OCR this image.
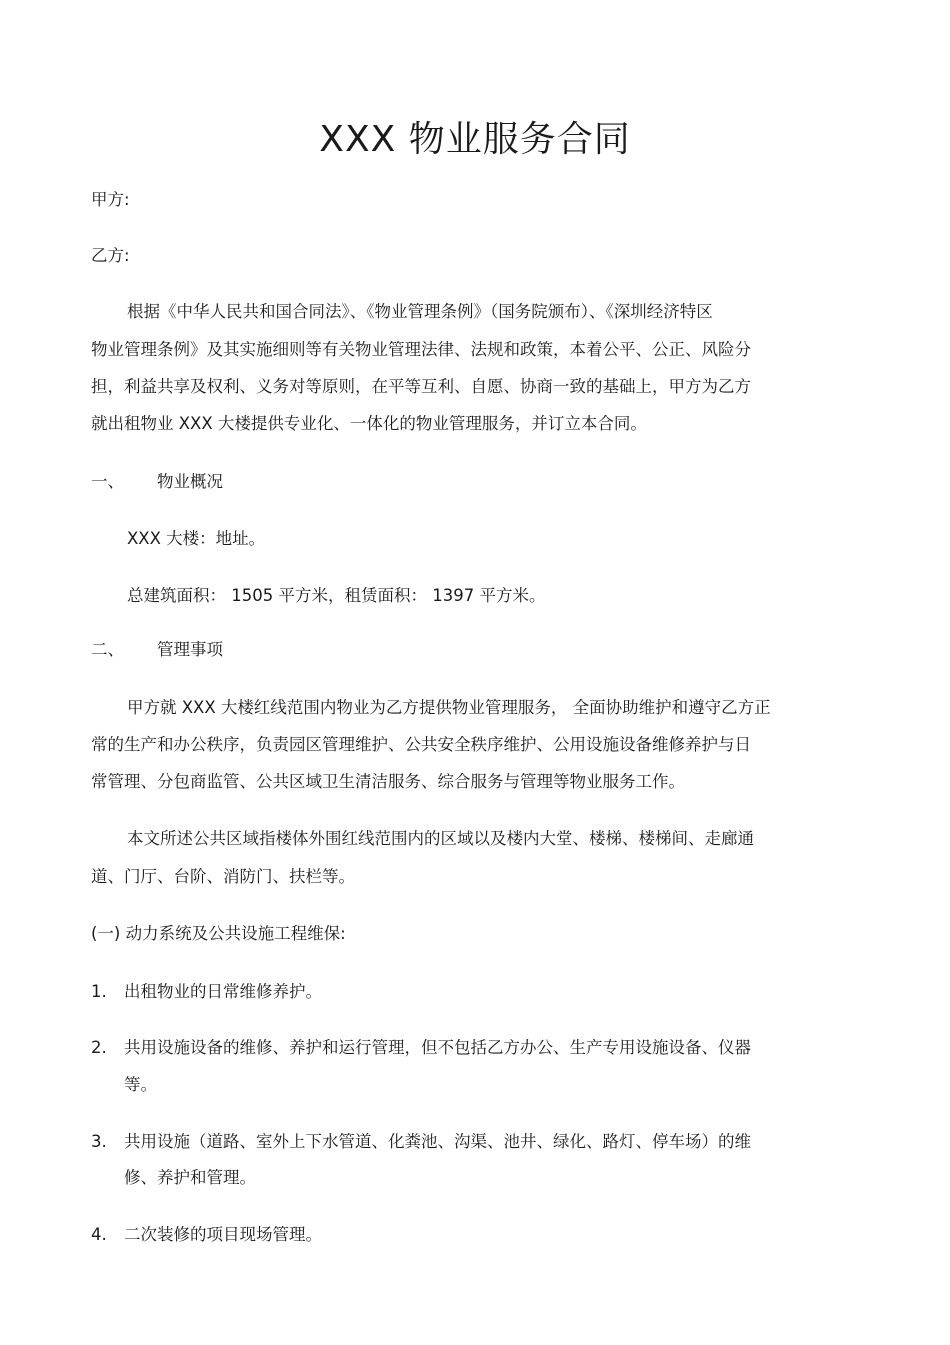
XXX 物业服务合同
甲方:
乙方:
根据《中华人民共和国合同法》、《物业管理条例》（国务院颁布）、《深圳经济特区
物业管理条例》及其实施细则等有关物业管理法律、法规和政策，本着公平、公正、风险分
担，利益共享及权利、义务对等原则，在平等互利、自愿、协商一致的基础上，甲方为乙方
就出租物业 XXX 大楼提供专业化、一体化的物业管理服务，并订立本合同。
一、 物业概况
XXX 大楼：地址。
总建筑面积： 1505 平方米，租赁面积： 1397 平方米。
二、 管理事项
甲方就 XXX 大楼红线范围内物业为乙方提供物业管理服务， 全面协助维护和遵守乙方正
常的生产和办公秩序，负责园区管理维护、公共安全秩序维护、公用设施设备维修养护与日
常管理、分包商监管、公共区域卫生清洁服务、综合服务与管理等物业服务工作。
本文所述公共区域指楼体外围红线范围内的区域以及楼内大堂、楼梯、楼梯间、走廊通
道、门厅、台阶、消防门、扶栏等。
(一) 动力系统及公共设施工程维保:
1. 出租物业的日常维修养护。
2. 共用设施设备的维修、养护和运行管理，但不包括乙方办公、生产专用设施设备、仪器
等。
3. 共用设施（道路、室外上下水管道、化粪池、沟渠、池井、绿化、路灯、停车场）的维
修、养护和管理。
4. 二次装修的项目现场管理。
